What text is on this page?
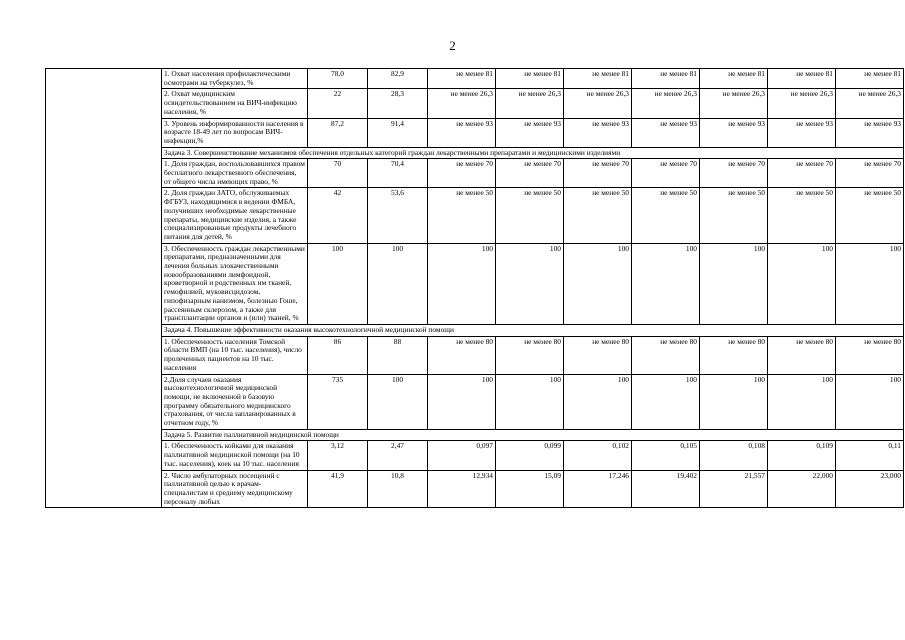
2
	1. Охват населения профилактическими осмотрами на туберкулез, %	78,0	82,9	не менее 81	не менее 81	не менее 81	не менее 81	не менее 81	не менее 81	не менее 81
	2. Охват медицинским освидетельствованием на ВИЧ-инфекцию населения, %	22	28,3	не менее 26,3	не менее 26,3	не менее 26,3	не менее 26,3	не менее 26,3	не менее 26,3	не менее 26,3
	3. Уровень информированности населения в возрасте 18-49 лет по вопросам ВИЧ-инфекции,%	87,2	91,4	не менее 93	не менее 93	не менее 93	не менее 93	не менее 93	не менее 93	не менее 93
	Задача 3. Совершенствование механизмов обеспечения отдельных категорий граждан лекарственными препаратами и медицинскими изделиями									
	1. Доля граждан, воспользовавшихся правом бесплатного лекарственного обеспечения, от общего числа имеющих право, %	70	70,4	не менее 70	не менее 70	не менее 70	не менее 70	не менее 70	не менее 70	не менее 70
	2. Доля граждан ЗАТО, обслуживаемых ФГБУЗ, находящимися в ведении ФМБА, получивших необходимые лекарственные препараты, медицинские изделия, а также специализированные продукты лечебного питания для детей, %	42	53,6	не менее 50	не менее 50	не менее 50	не менее 50	не менее 50	не менее 50	не менее 50
	3. Обеспеченность граждан лекарственными препаратами, предназначенными для лечения больных злокачественными новообразованиями лимфоидной, кроветворной и родственных им тканей, гемофилией, муковисцидозом, гипофизарным нанизмом, болезнью Гоше, рассеянным склерозом, а также для трансплантации органов и (или) тканей, %	100	100	100	100	100	100	100	100	100
	Задача 4. Повышение эффективности оказания высокотехнологичной медицинской помощи									
	1. Обеспеченность населения Томской области ВМП (на 10 тыс. населения), число пролеченных пациентов на 10 тыс. населения	86	88	не менее 80	не менее 80	не менее 80	не менее 80	не менее 80	не менее 80	не менее 80
	2.Доля случаев оказания высокотехнологичной медицинской помощи, не включенной в базовую программу обязательного медицинского страхования, от числа запланированных в отчетном году, %	735	100	100	100	100	100	100	100	100
	Задача 5. Развитие паллиативной медицинской помощи									
	1. Обеспеченность койками для оказания паллиативной медицинской помощи (на 10 тыс. населения), коек на 10 тыс. населения	3,12	2,47	0,097	0,099	0,102	0,105	0,108	0,109	0,11
	2. Число амбулаторных посещений с паллиативной целью к врачам-специалистам и среднему медицинскому персоналу любых	41,9	10,8	12,934	15,09	17,246	19,402	21,557	22,000	23,000
